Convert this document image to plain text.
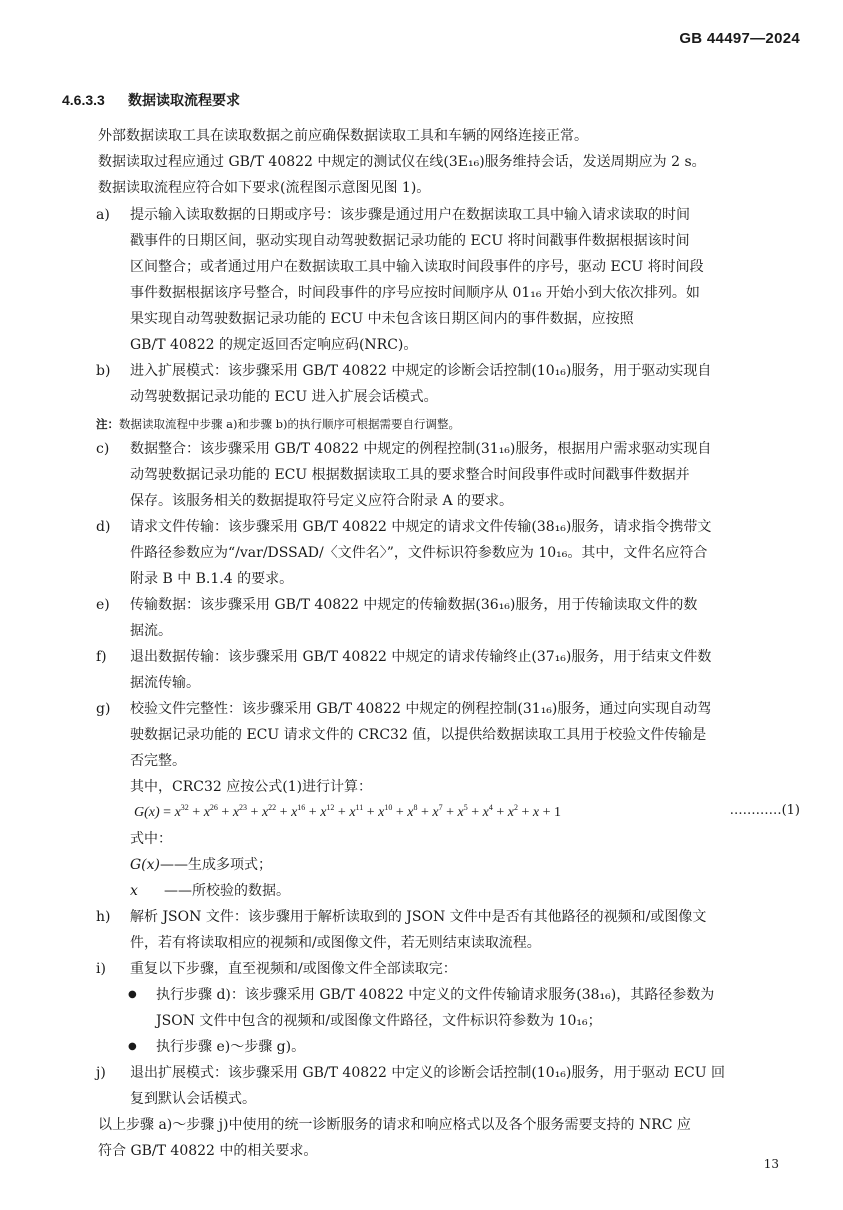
GB 44497—2024
4.6.3.3 数据读取流程要求
外部数据读取工具在读取数据之前应确保数据读取工具和车辆的网络连接正常。
数据读取过程应通过 GB/T 40822 中规定的测试仪在线(3E₁₆)服务维持会话，发送周期应为 2 s。
数据读取流程应符合如下要求(流程图示意图见图 1)。
a) 提示输入读取数据的日期或序号：该步骤是通过用户在数据读取工具中输入请求读取的时间
戳事件的日期区间，驱动实现自动驾驶数据记录功能的 ECU 将时间戳事件数据根据该时间
区间整合；或者通过用户在数据读取工具中输入读取时间段事件的序号，驱动 ECU 将时间段
事件数据根据该序号整合，时间段事件的序号应按时间顺序从 01₁₆ 开始小到大依次排列。如
果实现自动驾驶数据记录功能的 ECU 中未包含该日期区间内的事件数据，应按照
GB/T 40822 的规定返回否定响应码(NRC)。
b) 进入扩展模式：该步骤采用 GB/T 40822 中规定的诊断会话控制(10₁₆)服务，用于驱动实现自
动驾驶数据记录功能的 ECU 进入扩展会话模式。
注：数据读取流程中步骤 a)和步骤 b)的执行顺序可根据需要自行调整。
c) 数据整合：该步骤采用 GB/T 40822 中规定的例程控制(31₁₆)服务，根据用户需求驱动实现自
动驾驶数据记录功能的 ECU 根据数据读取工具的要求整合时间段事件或时间戳事件数据并
保存。该服务相关的数据提取符号定义应符合附录 A 的要求。
d) 请求文件传输：该步骤采用 GB/T 40822 中规定的请求文件传输(38₁₆)服务，请求指令携带文
件路径参数应为“/var/DSSAD/〈文件名〉”，文件标识符参数应为 10₁₆。其中，文件名应符合
附录 B 中 B.1.4 的要求。
e) 传输数据：该步骤采用 GB/T 40822 中规定的传输数据(36₁₆)服务，用于传输读取文件的数
据流。
f) 退出数据传输：该步骤采用 GB/T 40822 中规定的请求传输终止(37₁₆)服务，用于结束文件数
据流传输。
g) 校验文件完整性：该步骤采用 GB/T 40822 中规定的例程控制(31₁₆)服务，通过向实现自动驾
驶数据记录功能的 ECU 请求文件的 CRC32 值，以提供给数据读取工具用于校验文件传输是
否完整。
其中，CRC32 应按公式(1)进行计算：
$G(x) = x^{32} + x^{26} + x^{23} + x^{22} + x^{16} + x^{12} + x^{11} + x^{10} + x^8 + x^7 + x^5 + x^4 + x^2 + x + 1$	…………(1)
式中：
G(x)——生成多项式；
x ——所校验的数据。
h) 解析 JSON 文件：该步骤用于解析读取到的 JSON 文件中是否有其他路径的视频和/或图像文
件，若有将读取相应的视频和/或图像文件，若无则结束读取流程。
i) 重复以下步骤，直至视频和/或图像文件全部读取完：
● 执行步骤 d)：该步骤采用 GB/T 40822 中定义的文件传输请求服务(38₁₆)，其路径参数为
JSON 文件中包含的视频和/或图像文件路径，文件标识符参数为 10₁₆；
● 执行步骤 e)～步骤 g)。
j) 退出扩展模式：该步骤采用 GB/T 40822 中定义的诊断会话控制(10₁₆)服务，用于驱动 ECU 回
复到默认会话模式。
以上步骤 a)～步骤 j)中使用的统一诊断服务的请求和响应格式以及各个服务需要支持的 NRC 应
符合 GB/T 40822 中的相关要求。
13
